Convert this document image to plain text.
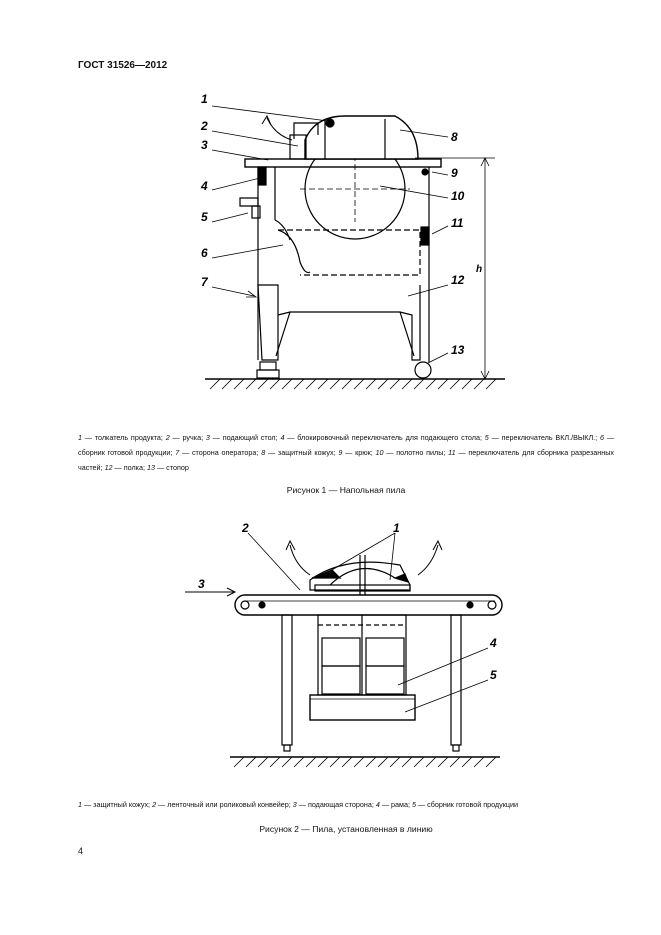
ГОСТ 31526—2012
1
2
3
4
5
6
7
8
9
10
11
12
13
h
1 — толкатель продукта; 2 — ручка; 3 — подающий стол; 4 — блокировочный переключатель для подающего стола; 5 — переключатель ВКЛ./ВЫКЛ.; 6 — сборник готовой продукции; 7 — сторона оператора; 8 — защитный кожух; 9 — крюк; 10 — полотно пилы; 11 — переключатель для сборника разрезанных частей; 12 — полка; 13 — стопор
Рисунок 1 — Напольная пила
2	1
3
4
5
1 — защитный кожух; 2 — ленточный или роликовый конвейер; 3 — подающая сторона; 4 — рама; 5 — сборник готовой продукции
Рисунок 2 — Пила, установленная в линию
4
